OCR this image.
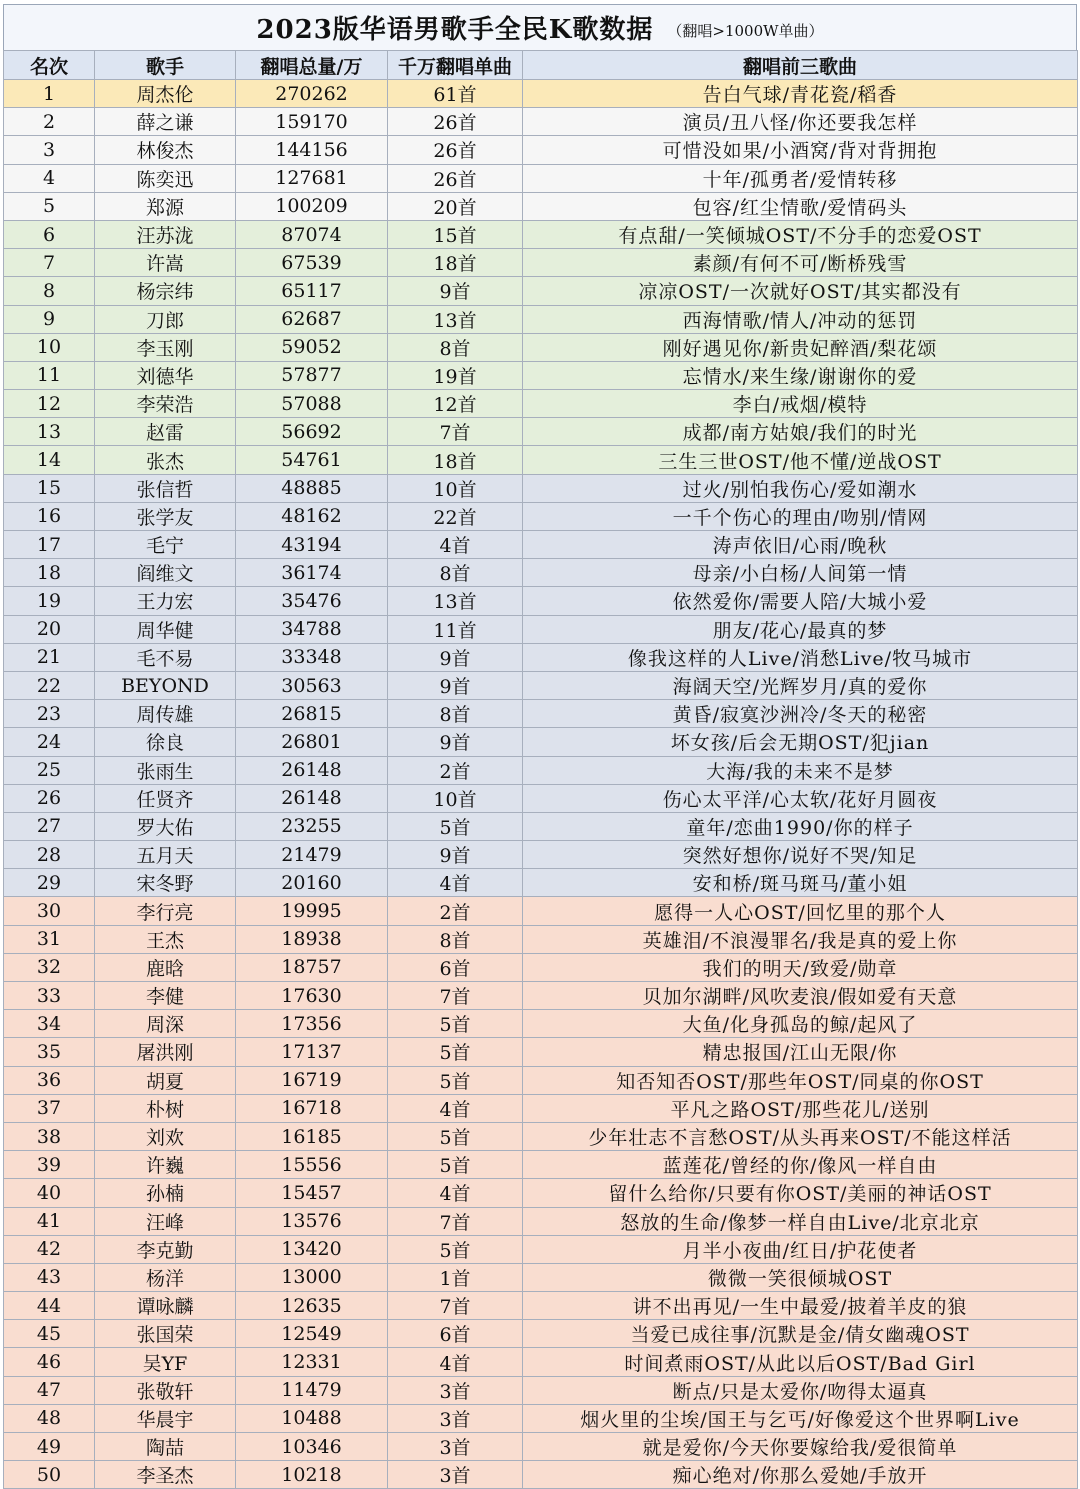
2023版华语男歌手全民K歌数据 （翻唱>1000W单曲）
名次	歌手	翻唱总量/万	千万翻唱单曲	翻唱前三歌曲
1	周杰伦	270262	61首	告白气球/青花瓷/稻香
2	薛之谦	159170	26首	演员/丑八怪/你还要我怎样
3	林俊杰	144156	26首	可惜没如果/小酒窝/背对背拥抱
4	陈奕迅	127681	26首	十年/孤勇者/爱情转移
5	郑源	100209	20首	包容/红尘情歌/爱情码头
6	汪苏泷	87074	15首	有点甜/一笑倾城OST/不分手的恋爱OST
7	许嵩	67539	18首	素颜/有何不可/断桥残雪
8	杨宗纬	65117	9首	凉凉OST/一次就好OST/其实都没有
9	刀郎	62687	13首	西海情歌/情人/冲动的惩罚
10	李玉刚	59052	8首	刚好遇见你/新贵妃醉酒/梨花颂
11	刘德华	57877	19首	忘情水/来生缘/谢谢你的爱
12	李荣浩	57088	12首	李白/戒烟/模特
13	赵雷	56692	7首	成都/南方姑娘/我们的时光
14	张杰	54761	18首	三生三世OST/他不懂/逆战OST
15	张信哲	48885	10首	过火/别怕我伤心/爱如潮水
16	张学友	48162	22首	一千个伤心的理由/吻别/情网
17	毛宁	43194	4首	涛声依旧/心雨/晚秋
18	阎维文	36174	8首	母亲/小白杨/人间第一情
19	王力宏	35476	13首	依然爱你/需要人陪/大城小爱
20	周华健	34788	11首	朋友/花心/最真的梦
21	毛不易	33348	9首	像我这样的人Live/消愁Live/牧马城市
22	BEYOND	30563	9首	海阔天空/光辉岁月/真的爱你
23	周传雄	26815	8首	黄昏/寂寞沙洲冷/冬天的秘密
24	徐良	26801	9首	坏女孩/后会无期OST/犯jian
25	张雨生	26148	2首	大海/我的未来不是梦
26	任贤齐	26148	10首	伤心太平洋/心太软/花好月圆夜
27	罗大佑	23255	5首	童年/恋曲1990/你的样子
28	五月天	21479	9首	突然好想你/说好不哭/知足
29	宋冬野	20160	4首	安和桥/斑马斑马/董小姐
30	李行亮	19995	2首	愿得一人心OST/回忆里的那个人
31	王杰	18938	8首	英雄泪/不浪漫罪名/我是真的爱上你
32	鹿晗	18757	6首	我们的明天/致爱/勋章
33	李健	17630	7首	贝加尔湖畔/风吹麦浪/假如爱有天意
34	周深	17356	5首	大鱼/化身孤岛的鲸/起风了
35	屠洪刚	17137	5首	精忠报国/江山无限/你
36	胡夏	16719	5首	知否知否OST/那些年OST/同桌的你OST
37	朴树	16718	4首	平凡之路OST/那些花儿/送别
38	刘欢	16185	5首	少年壮志不言愁OST/从头再来OST/不能这样活
39	许巍	15556	5首	蓝莲花/曾经的你/像风一样自由
40	孙楠	15457	4首	留什么给你/只要有你OST/美丽的神话OST
41	汪峰	13576	7首	怒放的生命/像梦一样自由Live/北京北京
42	李克勤	13420	5首	月半小夜曲/红日/护花使者
43	杨洋	13000	1首	微微一笑很倾城OST
44	谭咏麟	12635	7首	讲不出再见/一生中最爱/披着羊皮的狼
45	张国荣	12549	6首	当爱已成往事/沉默是金/倩女幽魂OST
46	吴YF	12331	4首	时间煮雨OST/从此以后OST/Bad Girl
47	张敬轩	11479	3首	断点/只是太爱你/吻得太逼真
48	华晨宇	10488	3首	烟火里的尘埃/国王与乞丐/好像爱这个世界啊Live
49	陶喆	10346	3首	就是爱你/今天你要嫁给我/爱很简单
50	李圣杰	10218	3首	痴心绝对/你那么爱她/手放开
